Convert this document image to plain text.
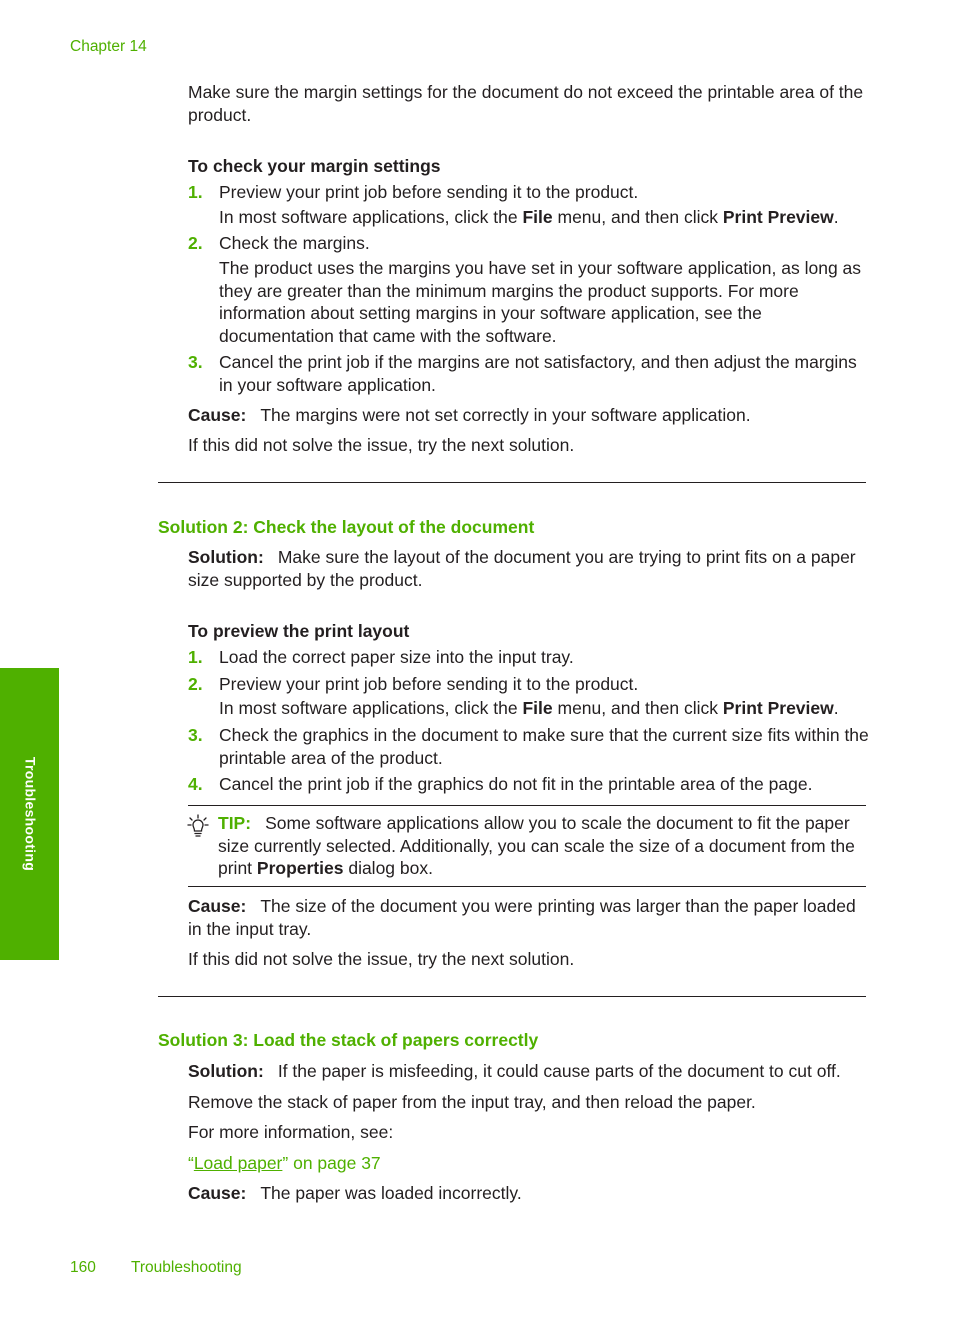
Chapter 14
Troubleshooting

Make sure the margin settings for the document do not exceed the printable area of the product.

To check your margin settings
1. Preview your print job before sending it to the product.

In most software applications, click the File menu, and then click Print Preview.

2. Check the margins.

The product uses the margins you have set in your software application, as long as they are greater than the minimum margins the product supports. For more information about setting margins in your software application, see the documentation that came with the software.

3. Cancel the print job if the margins are not satisfactory, and then adjust the margins in your software application.

Cause: The margins were not set correctly in your software application.

If this did not solve the issue, try the next solution.

Solution 2: Check the layout of the document

Solution: Make sure the layout of the document you are trying to print fits on a paper size supported by the product.

To preview the print layout
1. Load the correct paper size into the input tray.

2. Preview your print job before sending it to the product.

In most software applications, click the File menu, and then click Print Preview.

3. Check the graphics in the document to make sure that the current size fits within the printable area of the product.

4. Cancel the print job if the graphics do not fit in the printable area of the page.

TIP: Some software applications allow you to scale the document to fit the paper size currently selected. Additionally, you can scale the size of a document from the print Properties dialog box.

Cause: The size of the document you were printing was larger than the paper loaded in the input tray.

If this did not solve the issue, try the next solution.

Solution 3: Load the stack of papers correctly

Solution: If the paper is misfeeding, it could cause parts of the document to cut off.

Remove the stack of paper from the input tray, and then reload the paper.

For more information, see:

“Load paper” on page 37

Cause: The paper was loaded incorrectly.

160 Troubleshooting
